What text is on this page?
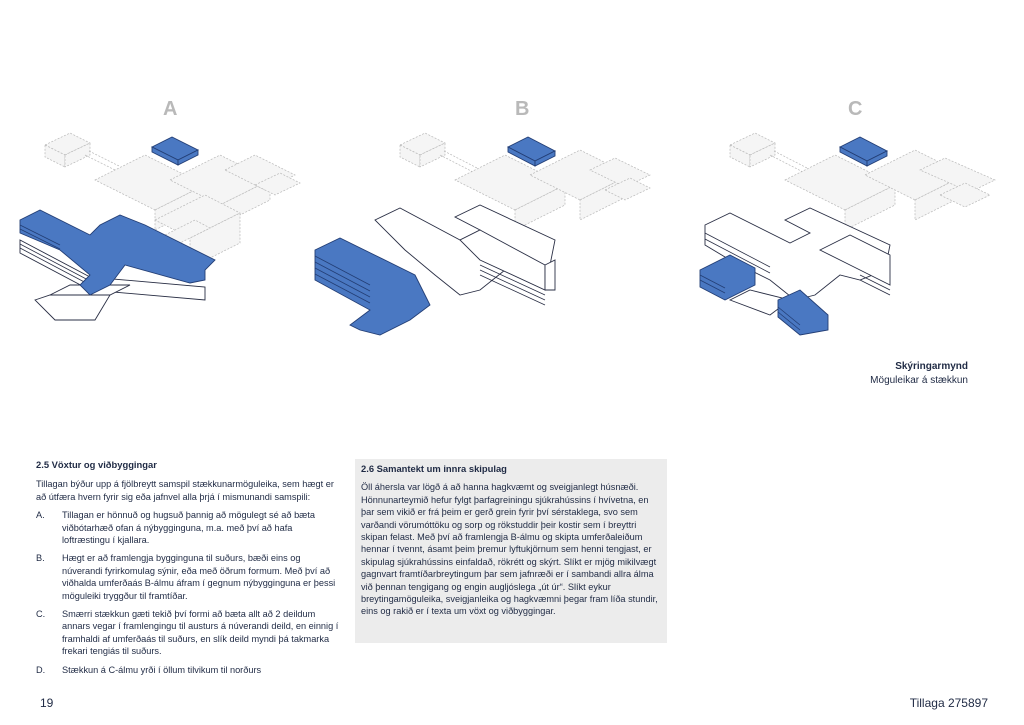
A	B	C
Skýringarmynd
Möguleikar á stækkun
2.5 Vöxtur og viðbyggingar

Tillagan býður upp á fjölbreytt samspil stækkunarmöguleika, sem hægt er að útfæra hvern fyrir sig eða jafnvel alla þrjá í mismunandi samspili:

A. Tillagan er hönnuð og hugsuð þannig að mögulegt sé að bæta viðbótarhæð ofan á nýbygginguna, m.a. með því að hafa loftræstingu í kjallara.
B. Hægt er að framlengja bygginguna til suðurs, bæði eins og núverandi fyrirkomulag sýnir, eða með öðrum formum. Með því að viðhalda umferðaás B-álmu áfram í gegnum nýbygginguna er þessi möguleiki tryggður til framtíðar.
C. Smærri stækkun gæti tekið því formi að bæta allt að 2 deildum annars vegar í framlengingu til austurs á núverandi deild, en einnig í framhaldi af umferðaás til suðurs, en slík deild myndi þá takmarka frekari tengiás til suðurs.
D. Stækkun á C-álmu yrði í öllum tilvikum til norðurs
2.6 Samantekt um innra skipulag

Öll áhersla var lögð á að hanna hagkvæmt og sveigjanlegt húsnæði. Hönnunarteymið hefur fylgt þarfagreiningu sjúkrahússins í hvívetna, en þar sem vikið er frá þeim er gerð grein fyrir því sérstaklega, svo sem varðandi vörumóttöku og sorp og rökstuddir þeir kostir sem í breyttri skipan felast. Með því að framlengja B-álmu og skipta umferðaleiðum hennar í tvennt, ásamt þeim þremur lyftukjörnum sem henni tengjast, er skipulag sjúkrahússins einfaldað, rökrétt og skýrt. Slíkt er mjög mikilvægt gagnvart framtíðarbreytingum þar sem jafnræði er í sambandi allra álma við þennan tengigang og engin augljóslega „út úr“. Slíkt eykur breytingamöguleika, sveigjanleika og hagkvæmni þegar fram líða stundir, eins og rakið er í texta um vöxt og viðbyggingar.

19	Tillaga 275897
